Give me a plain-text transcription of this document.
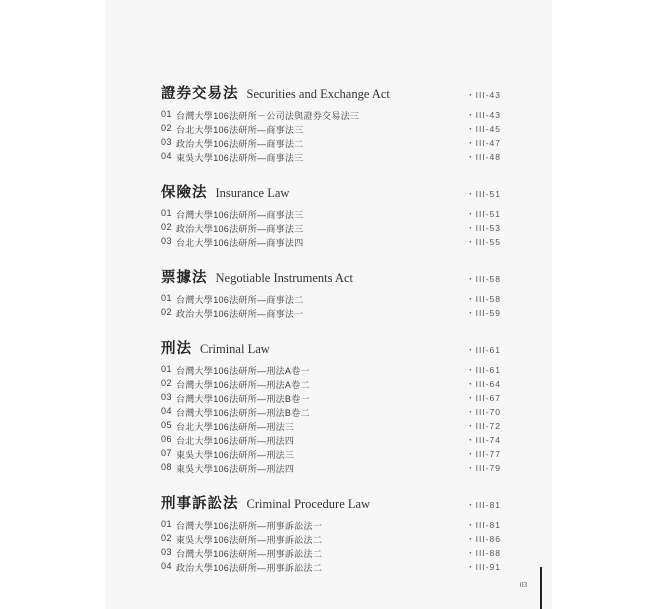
證券交易法 Securities and Exchange Act	・III-43
01 台灣大學106法研所－公司法與證券交易法三	・III-43
02 台北大學106法研所—商事法三	・III-45
03 政治大學106法研所—商事法二	・III-47
04 東吳大學106法研所—商事法三	・III-48
保險法 Insurance Law	・III-51
01 台灣大學106法研所—商事法三	・III-51
02 政治大學106法研所—商事法三	・III-53
03 台北大學106法研所—商事法四	・III-55
票據法 Negotiable Instruments Act	・III-58
01 台灣大學106法研所—商事法二	・III-58
02 政治大學106法研所—商事法一	・III-59
刑法 Criminal Law	・III-61
01 台灣大學106法研所—刑法A卷一	・III-61
02 台灣大學106法研所—刑法A卷二	・III-64
03 台灣大學106法研所—刑法B卷一	・III-67
04 台灣大學106法研所—刑法B卷二	・III-70
05 台北大學106法研所—刑法三	・III-72
06 台北大學106法研所—刑法四	・III-74
07 東吳大學106法研所—刑法三	・III-77
08 東吳大學106法研所—刑法四	・III-79
刑事訴訟法 Criminal Procedure Law	・III-81
01 台灣大學106法研所—刑事訴訟法一	・III-81
02 東吳大學106法研所—刑事訴訟法二	・III-86
03 台灣大學106法研所—刑事訴訟法二	・III-88
04 政治大學106法研所—刑事訴訟法二	・III-91
03
